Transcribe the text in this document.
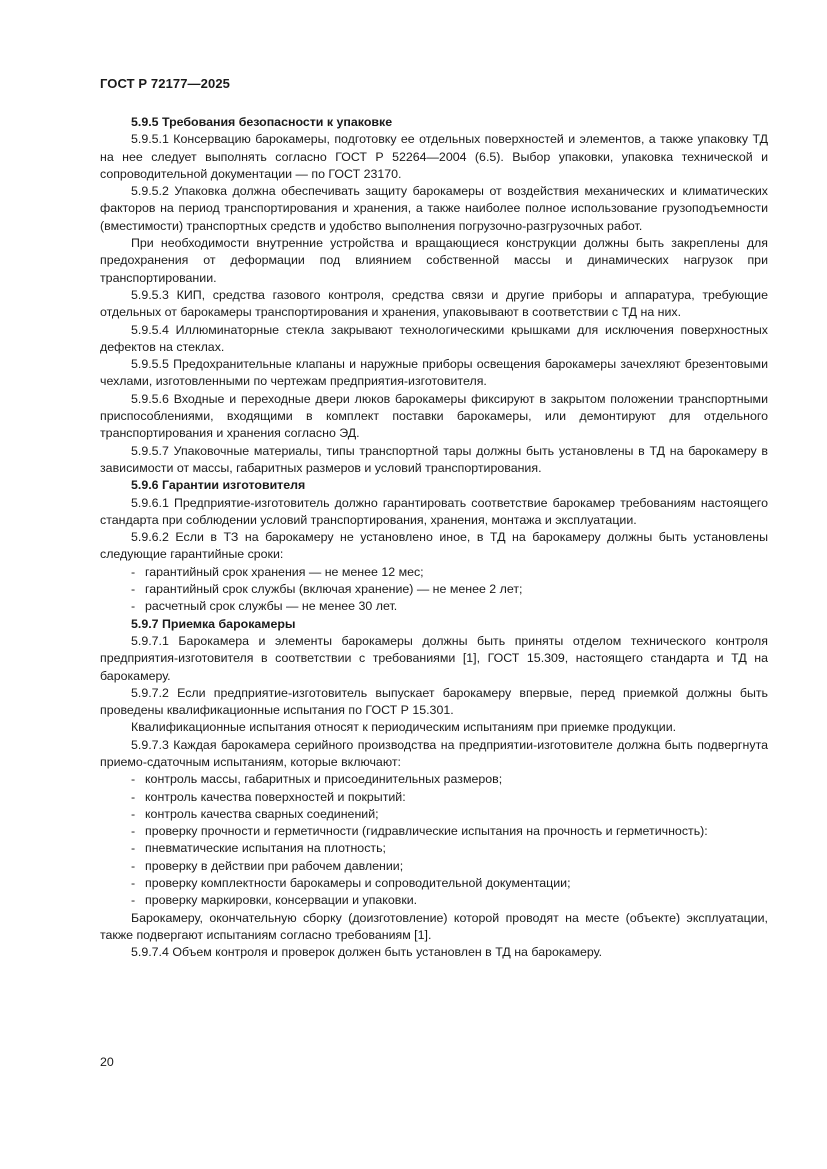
ГОСТ Р 72177—2025

5.9.5 Требования безопасности к упаковке

5.9.5.1 Консервацию барокамеры, подготовку ее отдельных поверхностей и элементов, а также упаковку ТД на нее следует выполнять согласно ГОСТ Р 52264—2004 (6.5). Выбор упаковки, упаковка технической и сопроводительной документации — по ГОСТ 23170.

5.9.5.2 Упаковка должна обеспечивать защиту барокамеры от воздействия механических и климатических факторов на период транспортирования и хранения, а также наиболее полное использование грузоподъемности (вместимости) транспортных средств и удобство выполнения погрузочно-разгрузочных работ.

При необходимости внутренние устройства и вращающиеся конструкции должны быть закреплены для предохранения от деформации под влиянием собственной массы и динамических нагрузок при транспортировании.

5.9.5.3 КИП, средства газового контроля, средства связи и другие приборы и аппаратура, требующие отдельных от барокамеры транспортирования и хранения, упаковывают в соответствии с ТД на них.

5.9.5.4 Иллюминаторные стекла закрывают технологическими крышками для исключения поверхностных дефектов на стеклах.

5.9.5.5 Предохранительные клапаны и наружные приборы освещения барокамеры зачехляют брезентовыми чехлами, изготовленными по чертежам предприятия-изготовителя.

5.9.5.6 Входные и переходные двери люков барокамеры фиксируют в закрытом положении транспортными приспособлениями, входящими в комплект поставки барокамеры, или демонтируют для отдельного транспортирования и хранения согласно ЭД.

5.9.5.7 Упаковочные материалы, типы транспортной тары должны быть установлены в ТД на барокамеру в зависимости от массы, габаритных размеров и условий транспортирования.

5.9.6 Гарантии изготовителя

5.9.6.1 Предприятие-изготовитель должно гарантировать соответствие барокамер требованиям настоящего стандарта при соблюдении условий транспортирования, хранения, монтажа и эксплуатации.

5.9.6.2 Если в ТЗ на барокамеру не установлено иное, в ТД на барокамеру должны быть установлены следующие гарантийные сроки:

- гарантийный срок хранения — не менее 12 мес;

- гарантийный срок службы (включая хранение) — не менее 2 лет;

- расчетный срок службы — не менее 30 лет.

5.9.7 Приемка барокамеры

5.9.7.1 Барокамера и элементы барокамеры должны быть приняты отделом технического контроля предприятия-изготовителя в соответствии с требованиями [1], ГОСТ 15.309, настоящего стандарта и ТД на барокамеру.

5.9.7.2 Если предприятие-изготовитель выпускает барокамеру впервые, перед приемкой должны быть проведены квалификационные испытания по ГОСТ Р 15.301.

Квалификационные испытания относят к периодическим испытаниям при приемке продукции.

5.9.7.3 Каждая барокамера серийного производства на предприятии-изготовителе должна быть подвергнута приемо-сдаточным испытаниям, которые включают:

- контроль массы, габаритных и присоединительных размеров;

- контроль качества поверхностей и покрытий:

- контроль качества сварных соединений;

- проверку прочности и герметичности (гидравлические испытания на прочность и герметичность):

- пневматические испытания на плотность;

- проверку в действии при рабочем давлении;

- проверку комплектности барокамеры и сопроводительной документации;

- проверку маркировки, консервации и упаковки.

Барокамеру, окончательную сборку (доизготовление) которой проводят на месте (объекте) эксплуатации, также подвергают испытаниям согласно требованиям [1].

5.9.7.4 Объем контроля и проверок должен быть установлен в ТД на барокамеру.

20
